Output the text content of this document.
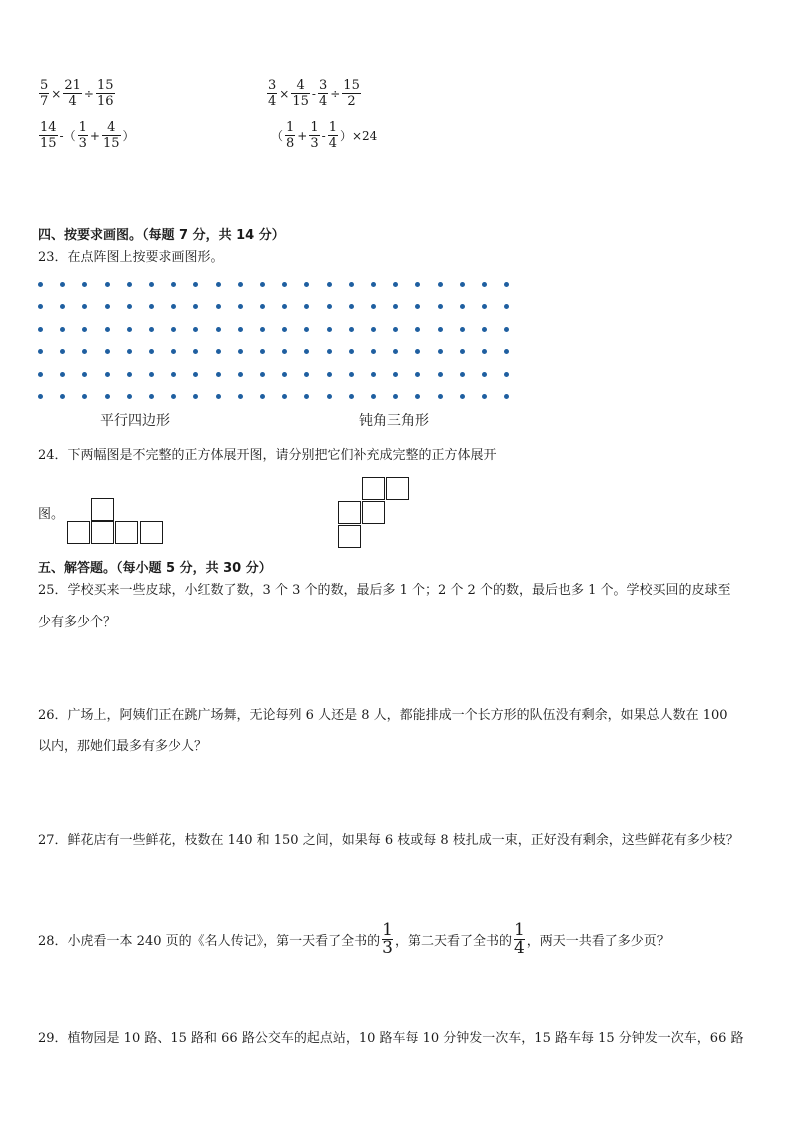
$\frac{5}{7} \times \frac{21}{4} \div \frac{15}{16}$	$\frac{3}{4} \times \frac{4}{15} - \frac{3}{4} \div \frac{15}{2}$
$\frac{14}{15}$ -（ $\frac{1}{3} + \frac{4}{15}$ ）	（ $\frac{1}{8} + \frac{1}{3} - \frac{1}{4} )\times 24$
四、按要求画图。（每题 7 分，共 14 分）
23．在点阵图上按要求画图形。
平行四边形	钝角三角形
24．下两幅图是不完整的正方体展开图，请分别把它们补充成完整的正方体展开
图。
五、解答题。（每小题 5 分，共 30 分）
25．学校买来一些皮球，小红数了数，3 个 3 个的数，最后多 1 个；2 个 2 个的数，最后也多 1 个。学校买回的皮球至
少有多少个？
26．广场上，阿姨们正在跳广场舞，无论每列 6 人还是 8 人，都能排成一个长方形的队伍没有剩余，如果总人数在 100
以内，那她们最多有多少人？
27．鲜花店有一些鲜花，枝数在 140 和 150 之间，如果每 6 枝或每 8 枝扎成一束，正好没有剩余，这些鲜花有多少枝？
28．小虎看一本 240 页的《名人传记》，第一天看了全书的 $\frac{1}{3}$ ，第二天看了全书的 $\frac{1}{4}$ ，两天一共看了多少页？
29．植物园是 10 路、15 路和 66 路公交车的起点站，10 路车每 10 分钟发一次车，15 路车每 15 分钟发一次车，66 路
